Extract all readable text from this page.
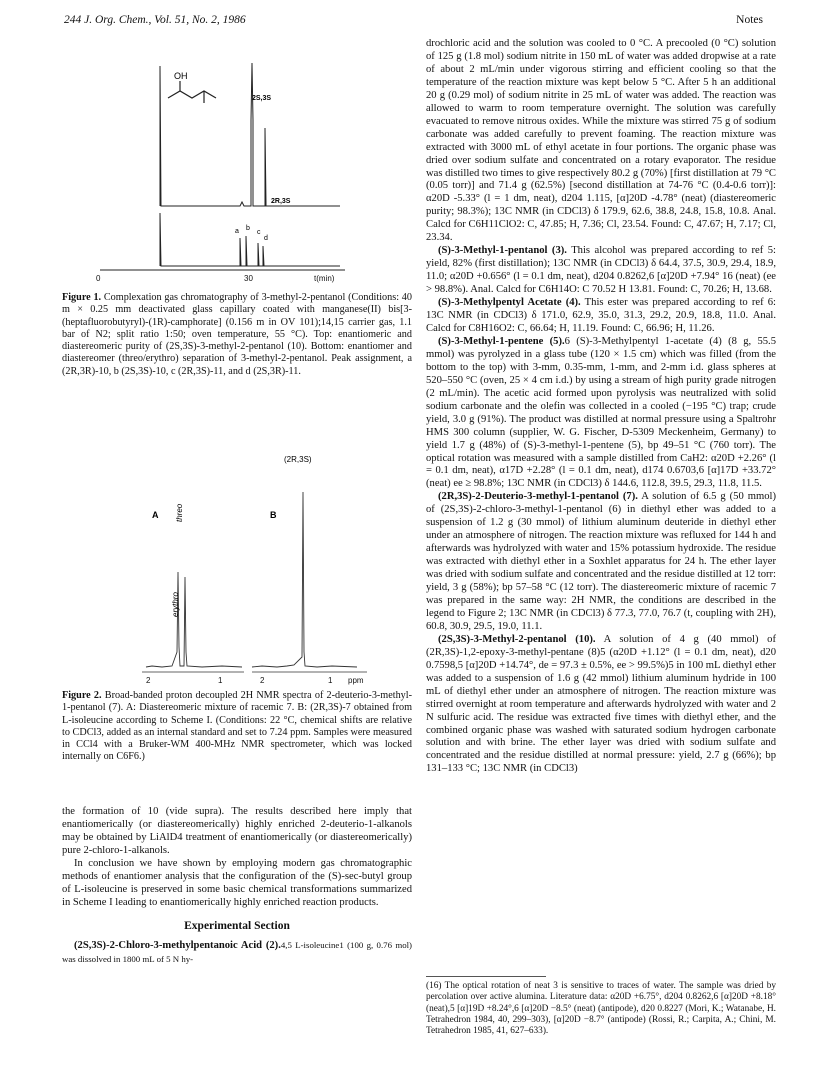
244 J. Org. Chem., Vol. 51, No. 2, 1986	Notes
OH
2S,3S
2R,3S
a b
c
d
0	30	t(min)
Figure 1. Complexation gas chromatography of 3-methyl-2-pentanol (Conditions: 40 m × 0.25 mm deactivated glass capillary coated with manganese(II) bis[3-(heptafluorobutyryl)-(1R)-camphorate] (0.156 m in OV 101);14,15 carrier gas, 1.1 bar of N2; split ratio 1:50; oven temperature, 55 °C). Top: enantiomeric and diastereomeric purity of (2S,3S)-3-methyl-2-pentanol (10). Bottom: enantiomer and diastereomer (threo/erythro) separation of 3-methyl-2-pentanol. Peak assignment, a (2R,3R)-10, b (2S,3S)-10, c (2R,3S)-11, and d (2S,3R)-11.
threo
erythro
(2R,3S)
A	B
2	1	2	1 ppm
Figure 2. Broad-banded proton decoupled 2H NMR spectra of 2-deuterio-3-methyl-1-pentanol (7). A: Diastereomeric mixture of racemic 7. B: (2R,3S)-7 obtained from L-isoleucine according to Scheme I. (Conditions: 22 °C, chemical shifts are relative to CDCl3, added as an internal standard and set to 7.24 ppm. Samples were measured in CCl4 with a Bruker-WM 400-MHz NMR spectrometer, which was locked internally on C6F6.)

the formation of 10 (vide supra). The results described here imply that enantiomerically (or diastereomerically) highly enriched 2-deuterio-1-alkanols may be obtained by LiAlD4 treatment of enantiomerically (or diastereomerically) pure 2-chloro-1-alkanols.

In conclusion we have shown by employing modern gas chromatographic methods of enantiomer analysis that the configuration of the (S)-sec-butyl group of L-isoleucine is preserved in some basic chemical transformations summarized in Scheme I leading to enantiomerically highly enriched reaction products.

Experimental Section

(2S,3S)-2-Chloro-3-methylpentanoic Acid (2).4,5 L-isoleucine1 (100 g, 0.76 mol) was dissolved in 1800 mL of 5 N hy-

drochloric acid and the solution was cooled to 0 °C. A precooled (0 °C) solution of 125 g (1.8 mol) sodium nitrite in 150 mL of water was added dropwise at a rate of about 2 mL/min under vigorous stirring and efficient cooling so that the temperature of the reaction mixture was kept below 5 °C. After 5 h an additional 20 g (0.29 mol) of sodium nitrite in 25 mL of water was added. The reaction was allowed to warm to room temperature overnight. The solution was carefully evacuated to remove nitrous oxides. While the mixture was stirred 75 g of sodium carbonate was added carefully to prevent foaming. The reaction mixture was extracted with 3000 mL of ethyl acetate in four portions. The organic phase was dried over sodium sulfate and concentrated on a rotary evaporator. The residue was distilled two times to give respectively 80.2 g (70%) [first distillation at 79 °C (0.05 torr)] and 71.4 g (62.5%) [second distillation at 74-76 °C (0.4-0.6 torr)]: α20D -5.33° (l = 1 dm, neat), d204 1.115, [α]20D -4.78° (neat) (diastereomeric purity; 98.3%); 13C NMR (in CDCl3) δ 179.9, 62.6, 38.8, 24.8, 15.8, 10.8. Anal. Calcd for C6H11ClO2: C, 47.85; H, 7.36; Cl, 23.54. Found: C, 47.67; H, 7.17; Cl, 23.34.

(S)-3-Methyl-1-pentanol (3). This alcohol was prepared according to ref 5: yield, 82% (first distillation); 13C NMR (in CDCl3) δ 64.4, 37.5, 30.9, 29.4, 18.9, 11.0; α20D +0.656° (l = 0.1 dm, neat), d204 0.8262,6 [α]20D +7.94° 16 (neat) (ee > 98.8%). Anal. Calcd for C6H14O: C 70.52 H 13.81. Found: C, 70.26; H, 13.68.

(S)-3-Methylpentyl Acetate (4). This ester was prepared according to ref 6: 13C NMR (in CDCl3) δ 171.0, 62.9, 35.0, 31.3, 29.2, 20.9, 18.8, 11.0. Anal. Calcd for C8H16O2: C, 66.64; H, 11.19. Found: C, 66.96; H, 11.26.

(S)-3-Methyl-1-pentene (5).6 (S)-3-Methylpentyl 1-acetate (4) (8 g, 55.5 mmol) was pyrolyzed in a glass tube (120 × 1.5 cm) which was filled (from the bottom to the top) with 3-mm, 0.35-mm, 1-mm, and 2-mm i.d. glass spheres at 520–550 °C (oven, 25 × 4 cm i.d.) by using a stream of high purity grade nitrogen (2 mL/min). The acetic acid formed upon pyrolysis was neutralized with solid sodium carbonate and the olefin was collected in a cooled (−195 °C) trap; crude yield, 3.0 g (91%). The product was distilled at normal pressure using a Spaltrohr HMS 300 column (supplier, W. G. Fischer, D-5309 Meckenheim, Germany) to yield 1.7 g (48%) of (S)-3-methyl-1-pentene (5), bp 49–51 °C (760 torr). The optical rotation was measured with a sample distilled from CaH2: α20D +2.26° (l = 0.1 dm, neat), α17D +2.28° (l = 0.1 dm, neat), d174 0.6703,6 [α]17D +33.72° (neat) ee ≥ 98.8%; 13C NMR (in CDCl3) δ 144.6, 112.8, 39.5, 29.3, 11.8, 11.5.

(2R,3S)-2-Deuterio-3-methyl-1-pentanol (7). A solution of 6.5 g (50 mmol) of (2S,3S)-2-chloro-3-methyl-1-pentanol (6) in diethyl ether was added to a suspension of 1.2 g (30 mmol) of lithium aluminum deuteride in diethyl ether under an atmosphere of nitrogen. The reaction mixture was refluxed for 144 h and afterwards was hydrolyzed with water and 15% potassium hydroxide. The residue was extracted with diethyl ether in a Soxhlet apparatus for 24 h. The ether layer was dried with sodium sulfate and concentrated and the residue distilled at 12 torr: yield, 3 g (58%); bp 57–58 °C (12 torr). The diastereomeric mixture of racemic 7 was prepared in the same way: 2H NMR, the conditions are described in the legend to Figure 2; 13C NMR (in CDCl3) δ 77.3, 77.0, 76.7 (t, coupling with 2H), 60.8, 30.9, 29.5, 19.0, 11.1.

(2S,3S)-3-Methyl-2-pentanol (10). A solution of 4 g (40 mmol) of (2R,3S)-1,2-epoxy-3-methyl-pentane (8)5 (α20D +1.12° (l = 0.1 dm, neat), d20 0.7598,5 [α]20D +14.74°, de = 97.3 ± 0.5%, ee > 99.5%)5 in 100 mL diethyl ether was added to a suspension of 1.6 g (42 mmol) lithium aluminum hydride in 100 mL of diethyl ether under an atmosphere of nitrogen. The reaction mixture was stirred overnight at room temperature and afterwards hydrolyzed with water and 2 N sulfuric acid. The residue was extracted five times with diethyl ether, and the combined organic phase was washed with saturated sodium hydrogen carbonate solution and with brine. The ether layer was dried with sodium sulfate and concentrated and the residue distilled at normal pressure: yield, 2.7 g (66%); bp 131–133 °C; 13C NMR (in CDCl3)

(16) The optical rotation of neat 3 is sensitive to traces of water. The sample was dried by percolation over active alumina. Literature data: α20D +6.75°, d204 0.8262,6 [α]20D +8.18° (neat),5 [α]19D +8.24°,6 [α]20D −8.5° (neat) (antipode), d20 0.8227 (Mori, K.; Watanabe, H. Tetrahedron 1984, 40, 299–303), [α]20D −8.7° (antipode) (Rossi, R.; Carpita, A.; Chini, M. Tetrahedron 1985, 41, 627–633).
